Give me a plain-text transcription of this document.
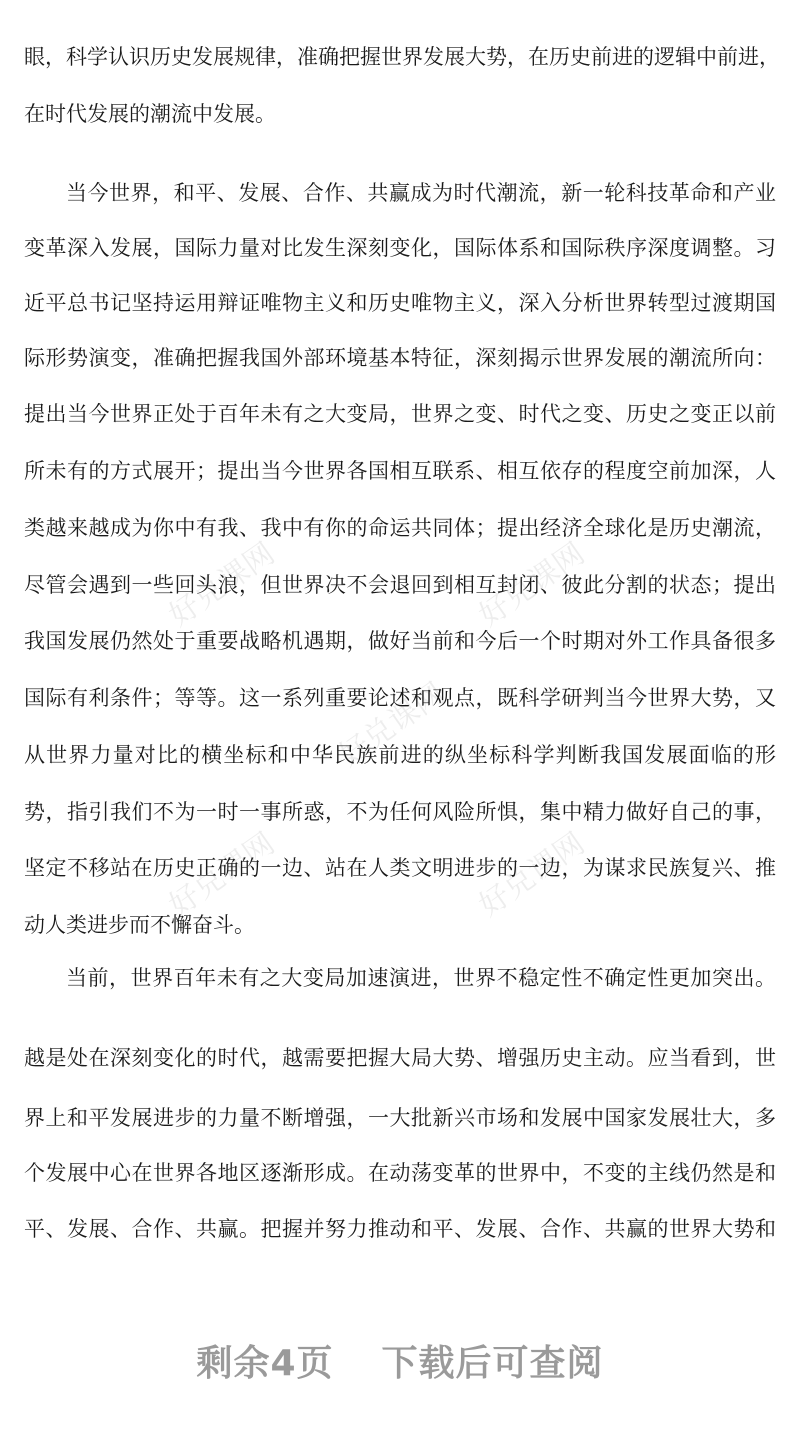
好兑课网	好兑课网
好兑课网
好兑课网	好兑课网
眼，科学认识历史发展规律，准确把握世界发展大势，在历史前进的逻辑中前进，
在时代发展的潮流中发展。
当今世界，和平、发展、合作、共赢成为时代潮流，新一轮科技革命和产业
变革深入发展，国际力量对比发生深刻变化，国际体系和国际秩序深度调整。习
近平总书记坚持运用辩证唯物主义和历史唯物主义，深入分析世界转型过渡期国
际形势演变，准确把握我国外部环境基本特征，深刻揭示世界发展的潮流所向：
提出当今世界正处于百年未有之大变局，世界之变、时代之变、历史之变正以前
所未有的方式展开；提出当今世界各国相互联系、相互依存的程度空前加深，人
类越来越成为你中有我、我中有你的命运共同体；提出经济全球化是历史潮流，
尽管会遇到一些回头浪，但世界决不会退回到相互封闭、彼此分割的状态；提出
我国发展仍然处于重要战略机遇期，做好当前和今后一个时期对外工作具备很多
国际有利条件；等等。这一系列重要论述和观点，既科学研判当今世界大势，又
从世界力量对比的横坐标和中华民族前进的纵坐标科学判断我国发展面临的形
势，指引我们不为一时一事所惑，不为任何风险所惧，集中精力做好自己的事，
坚定不移站在历史正确的一边、站在人类文明进步的一边，为谋求民族复兴、推
动人类进步而不懈奋斗。
当前，世界百年未有之大变局加速演进，世界不稳定性不确定性更加突出。
越是处在深刻变化的时代，越需要把握大局大势、增强历史主动。应当看到，世
界上和平发展进步的力量不断增强，一大批新兴市场和发展中国家发展壮大，多
个发展中心在世界各地区逐渐形成。在动荡变革的世界中，不变的主线仍然是和
平、发展、合作、共赢。把握并努力推动和平、发展、合作、共赢的世界大势和
剩余4页 下载后可查阅
